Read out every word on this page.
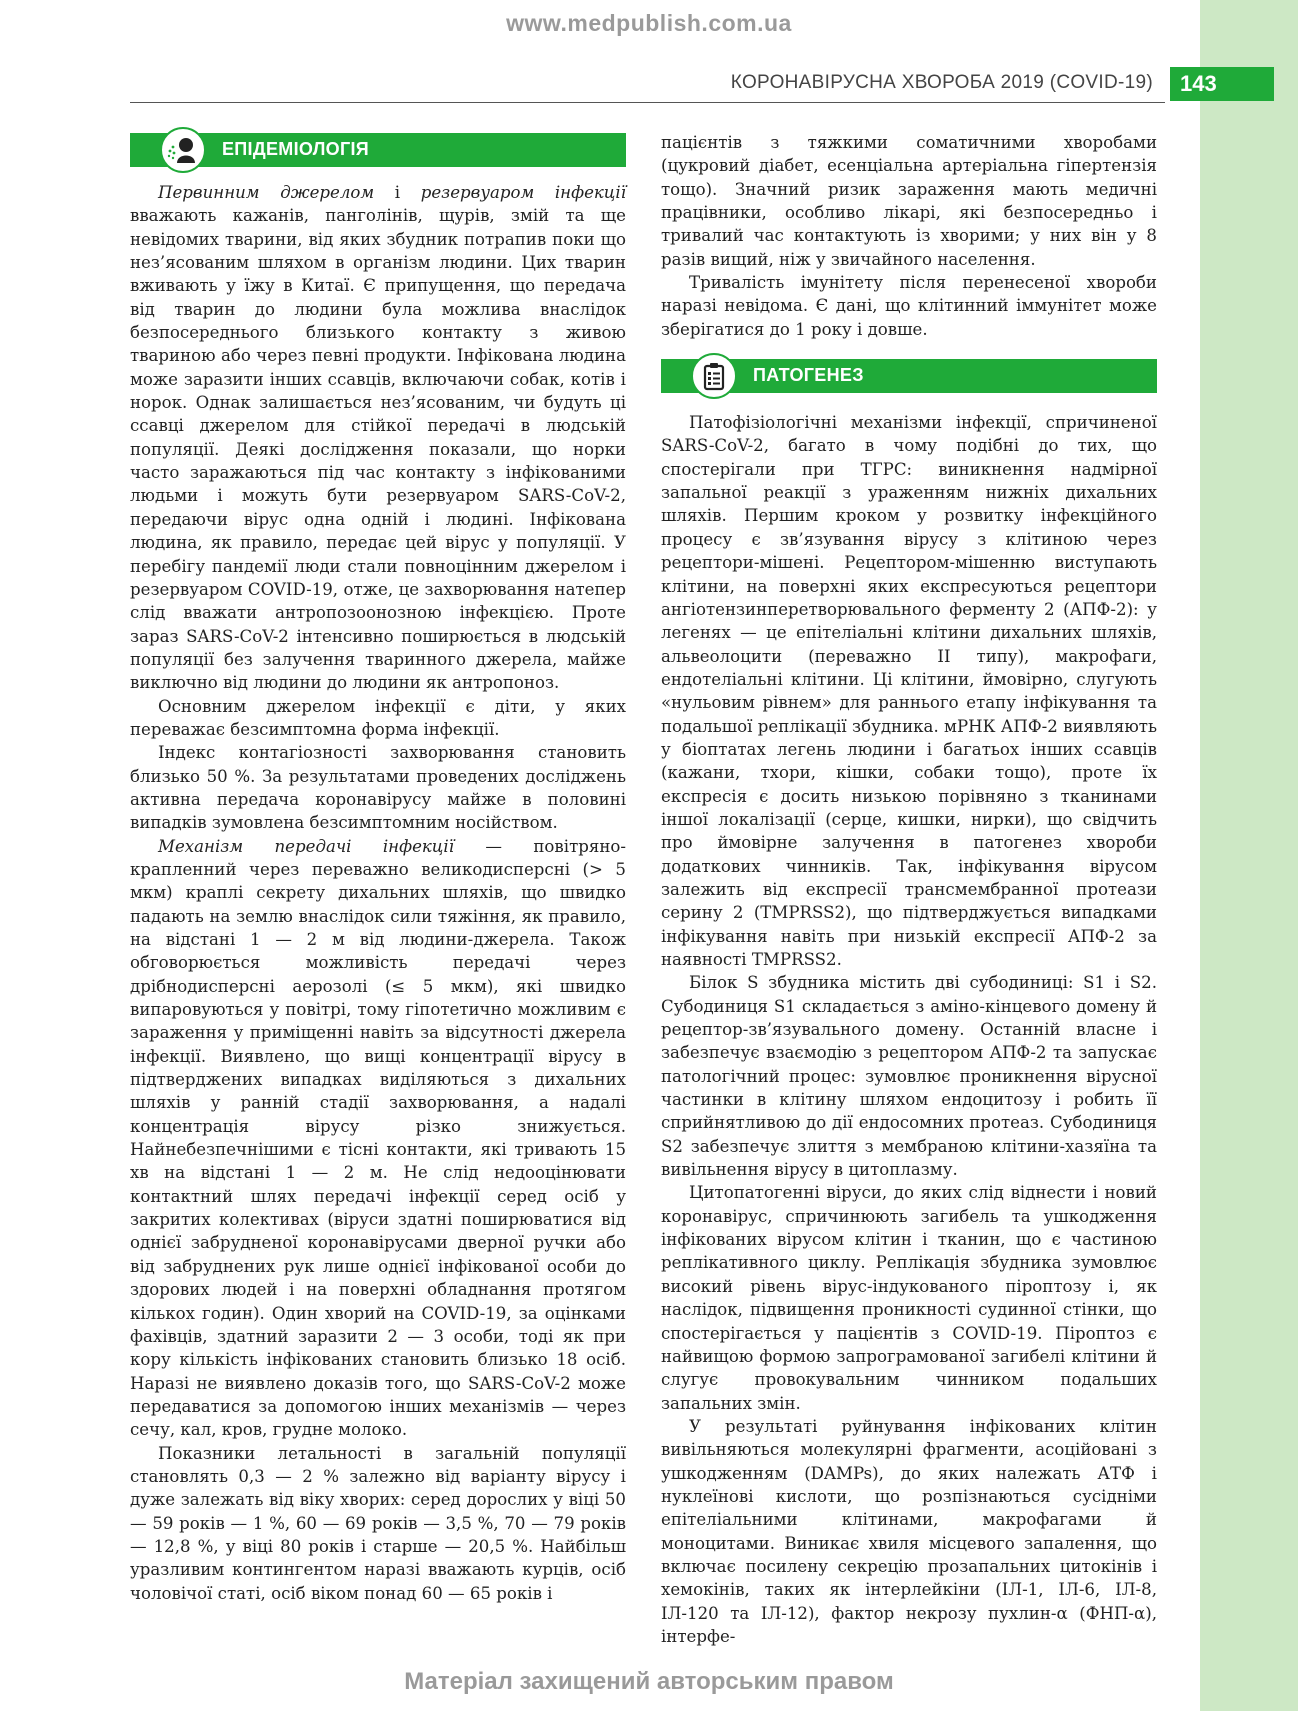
www.medpublish.com.ua
КОРОНАВІРУСНА ХВОРОБА 2019 (COVID-19)	143
ЕПІДЕМІОЛОГІЯ

Первинним джерелом і резервуаром інфекції вважають кажанів, панголінів, щурів, змій та ще невідомих тварини, від яких збудник потрапив поки що нез’ясованим шляхом в організм людини. Цих тварин вживають у їжу в Китаї. Є припущення, що передача від тварин до людини була можлива внаслідок безпосереднього близького контакту з живою твариною або через певні продукти. Інфікована людина може заразити інших ссавців, включаючи собак, котів і норок. Однак залишається нез’ясованим, чи будуть ці ссавці джерелом для стійкої передачі в людській популяції. Деякі дослідження показали, що норки часто заражаються під час контакту з інфікованими людьми і можуть бути резервуаром SARS-CoV-2, передаючи вірус одна одній і людині. Інфікована людина, як правило, передає цей вірус у популяції. У перебігу пандемії люди стали повноцінним джерелом і резервуаром COVID-19, отже, це захворювання натепер слід вважати антропозоонозною інфекцією. Проте зараз SARS-CoV-2 інтенсивно поширюється в людській популяції без залучення тваринного джерела, майже виключно від людини до людини як антропоноз.

Основним джерелом інфекції є діти, у яких переважає безсимптомна форма інфекції.

Індекс контагіозності захворювання становить близько 50 %. За результатами проведених досліджень активна передача коронавірусу майже в половині випадків зумовлена безсимптомним носійством.

Механізм передачі інфекції — повітряно-крапленний через переважно великодисперсні (> 5 мкм) краплі секрету дихальних шляхів, що швидко падають на землю внаслідок сили тяжіння, як правило, на відстані 1 — 2 м від людини-джерела. Також обговорюється можливість передачі через дрібнодисперсні аерозолі (≤ 5 мкм), які швидко випаровуються у повітрі, тому гіпотетично можливим є зараження у приміщенні навіть за відсутності джерела інфекції. Виявлено, що вищі концентрації вірусу в підтверджених випадках виділяються з дихальних шляхів у ранній стадії захворювання, а надалі концентрація вірусу різко знижується. Найнебезпечнішими є тісні контакти, які тривають 15 хв на відстані 1 — 2 м. Не слід недооцінювати контактний шлях передачі інфекції серед осіб у закритих колективах (віруси здатні поширюватися від однієї забрудненої коронавірусами дверної ручки або від забруднених рук лише однієї інфікованої особи до здорових людей і на поверхні обладнання протягом кількох годин). Один хворий на COVID-19, за оцінками фахівців, здатний заразити 2 — 3 особи, тоді як при кору кількість інфікованих становить близько 18 осіб. Наразі не виявлено доказів того, що SARS-CoV-2 може передаватися за допомогою інших механізмів — через сечу, кал, кров, грудне молоко.

Показники летальності в загальній популяції становлять 0,3 — 2 % залежно від варіанту вірусу і дуже залежать від віку хворих: серед дорослих у віці 50 — 59 років — 1 %, 60 — 69 років — 3,5 %, 70 — 79 років — 12,8 %, у віці 80 років і старше — 20,5 %. Найбільш уразливим контингентом наразі вважають курців, осіб чоловічої статі, осіб віком понад 60 — 65 років і

пацієнтів з тяжкими соматичними хворобами (цукровий діабет, есенціальна артеріальна гіпертензія тощо). Значний ризик зараження мають медичні працівники, особливо лікарі, які безпосередньо і тривалий час контактують із хворими; у них він у 8 разів вищий, ніж у звичайного населення.

Тривалість імунітету після перенесеної хвороби наразі невідома. Є дані, що клітинний іммунітет може зберігатися до 1 року і довше.

ПАТОГЕНЕЗ

Патофізіологічні механізми інфекції, спричиненої SARS-CoV-2, багато в чому подібні до тих, що спостерігали при ТГРС: виникнення надмірної запальної реакції з ураженням нижніх дихальних шляхів. Першим кроком у розвитку інфекційного процесу є зв’язування вірусу з клітиною через рецептори-мішені. Рецептором-мішенню виступають клітини, на поверхні яких експресуються рецептори ангіотензинперетворювального ферменту 2 (АПФ-2): у легенях — це епітеліальні клітини дихальних шляхів, альвеолоцити (переважно ІІ типу), макрофаги, ендотеліальні клітини. Ці клітини, ймовірно, слугують «нульовим рівнем» для раннього етапу інфікування та подальшої реплікації збудника. мРНК АПФ-2 виявляють у біоптатах легень людини і багатьох інших ссавців (кажани, тхори, кішки, собаки тощо), проте їх експресія є досить низькою порівняно з тканинами іншої локалізації (серце, кишки, нирки), що свідчить про ймовірне залучення в патогенез хвороби додаткових чинників. Так, інфікування вірусом залежить від експресії трансмембранної протеази серину 2 (TMPRSS2), що підтверджується випадками інфікування навіть при низькій експресії АПФ-2 за наявності TMPRSS2.

Білок S збудника містить дві субодиниці: S1 і S2. Субодиниця S1 складається з аміно-кінцевого домену й рецептор-зв’язувального домену. Останній власне і забезпечує взаємодію з рецептором АПФ-2 та запускає патологічний процес: зумовлює проникнення вірусної частинки в клітину шляхом ендоцитозу і робить її сприйнятливою до дії ендосомних протеаз. Субодиниця S2 забезпечує злиття з мембраною клітини-хазяїна та вивільнення вірусу в цитоплазму.

Цитопатогенні віруси, до яких слід віднести і новий коронавірус, спричинюють загибель та ушкодження інфікованих вірусом клітин і тканин, що є частиною реплікативного циклу. Реплікація збудника зумовлює високий рівень вірус-індукованого піроптозу і, як наслідок, підвищення проникності судинної стінки, що спостерігається у пацієнтів з COVID-19. Піроптоз є найвищою формою запрограмованої загибелі клітини й слугує провокувальним чинником подальших запальних змін.

У результаті руйнування інфікованих клітин вивільняються молекулярні фрагменти, асоційовані з ушкодженням (DAMPs), до яких належать АТФ і нуклеїнові кислоти, що розпізнаються сусідніми епітеліальними клітинами, макрофагами й моноцитами. Виникає хвиля місцевого запалення, що включає посилену секрецію прозапальних цитокінів і хемокінів, таких як інтерлейкіни (ІЛ-1, ІЛ-6, ІЛ-8, ІЛ-120 та ІЛ-12), фактор некрозу пухлин-α (ФНП-α), інтерфе-

Матеріал захищений авторським правом
